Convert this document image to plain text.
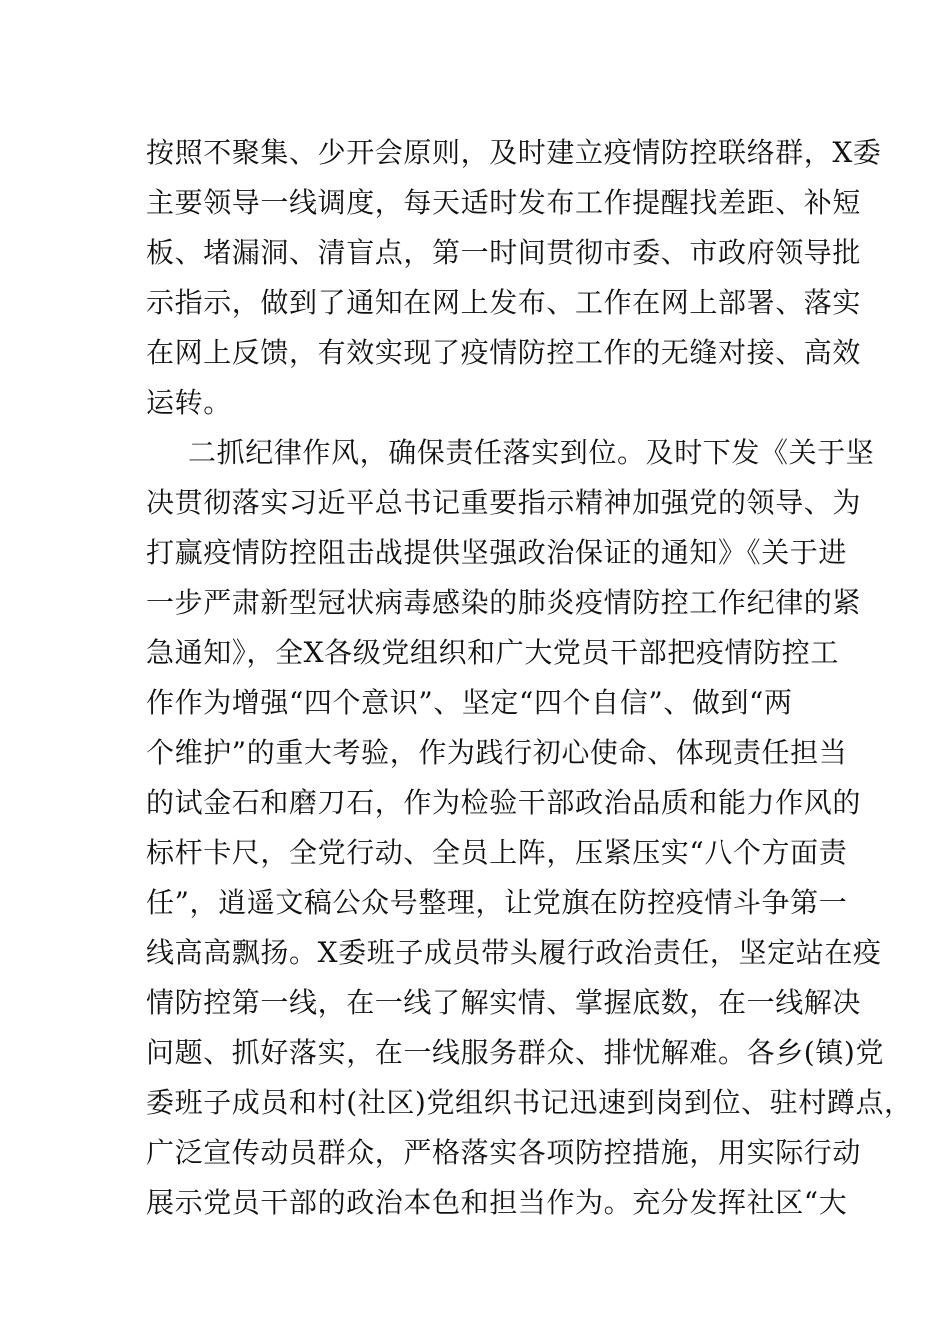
按照不聚集、少开会原则，及时建立疫情防控联络群，X委
主要领导一线调度，每天适时发布工作提醒找差距、补短
板、堵漏洞、清盲点，第一时间贯彻市委、市政府领导批
示指示，做到了通知在网上发布、工作在网上部署、落实
在网上反馈，有效实现了疫情防控工作的无缝对接、高效
运转。
二抓纪律作风，确保责任落实到位。及时下发《关于坚
决贯彻落实习近平总书记重要指示精神加强党的领导、为
打赢疫情防控阻击战提供坚强政治保证的通知》《关于进
一步严肃新型冠状病毒感染的肺炎疫情防控工作纪律的紧
急通知》，全X各级党组织和广大党员干部把疫情防控工
作作为增强“四个意识”、坚定“四个自信”、做到“两
个维护”的重大考验，作为践行初心使命、体现责任担当
的试金石和磨刀石，作为检验干部政治品质和能力作风的
标杆卡尺，全党行动、全员上阵，压紧压实“八个方面责
任”，逍遥文稿公众号整理，让党旗在防控疫情斗争第一
线高高飘扬。X委班子成员带头履行政治责任，坚定站在疫
情防控第一线，在一线了解实情、掌握底数，在一线解决
问题、抓好落实，在一线服务群众、排忧解难。各乡(镇)党
委班子成员和村(社区)党组织书记迅速到岗到位、驻村蹲点，
广泛宣传动员群众，严格落实各项防控措施，用实际行动
展示党员干部的政治本色和担当作为。充分发挥社区“大
